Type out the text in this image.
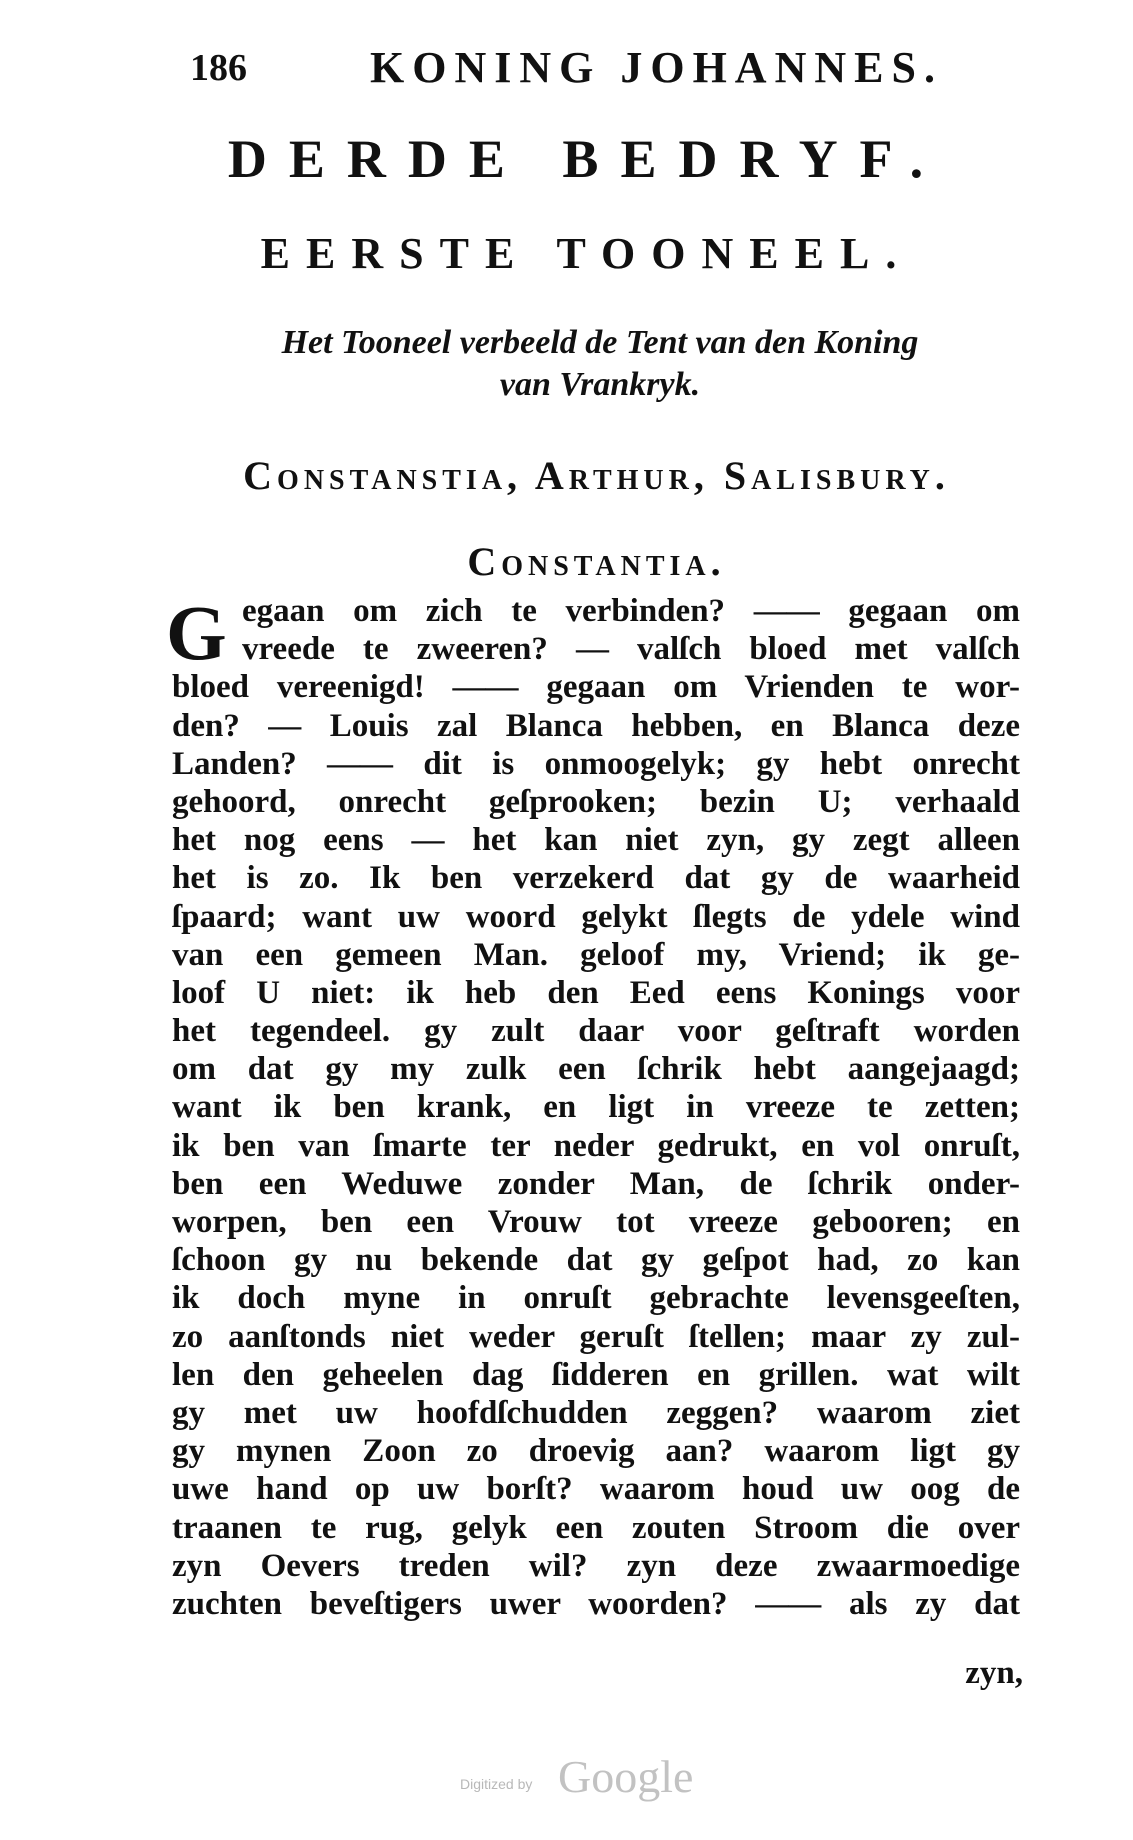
186	KONING JOHANNES.
DERDE BEDRYF.
EERSTE TOONEEL.
Het Tooneel verbeeld de Tent van den Koning
van Vrankryk.
Constanstia, Arthur, Salisbury.
Constantia.
G egaan om zich te verbinden? —— gegaan om
vreede te zweeren? — valſch bloed met valſch
bloed vereenigd! —— gegaan om Vrienden te wor-
den? — Louis zal Blanca hebben, en Blanca deze
Landen? —— dit is onmoogelyk; gy hebt onrecht
gehoord, onrecht geſprooken; bezin U; verhaald
het nog eens — het kan niet zyn, gy zegt alleen
het is zo. Ik ben verzekerd dat gy de waarheid
ſpaard; want uw woord gelykt ſlegts de ydele wind
van een gemeen Man. geloof my, Vriend; ik ge-
loof U niet: ik heb den Eed eens Konings voor
het tegendeel. gy zult daar voor geſtraft worden
om dat gy my zulk een ſchrik hebt aangejaagd;
want ik ben krank, en ligt in vreeze te zetten;
ik ben van ſmarte ter neder gedrukt, en vol onruſt,
ben een Weduwe zonder Man, de ſchrik onder-
worpen, ben een Vrouw tot vreeze gebooren; en
ſchoon gy nu bekende dat gy geſpot had, zo kan
ik doch myne in onruſt gebrachte levensgeeſten,
zo aanſtonds niet weder geruſt ſtellen; maar zy zul-
len den geheelen dag ſidderen en grillen. wat wilt
gy met uw hoofdſchudden zeggen? waarom ziet
gy mynen Zoon zo droevig aan? waarom ligt gy
uwe hand op uw borſt? waarom houd uw oog de
traanen te rug, gelyk een zouten Stroom die over
zyn Oevers treden wil? zyn deze zwaarmoedige
zuchten beveſtigers uwer woorden? —— als zy dat
zyn,
Digitized by Google
